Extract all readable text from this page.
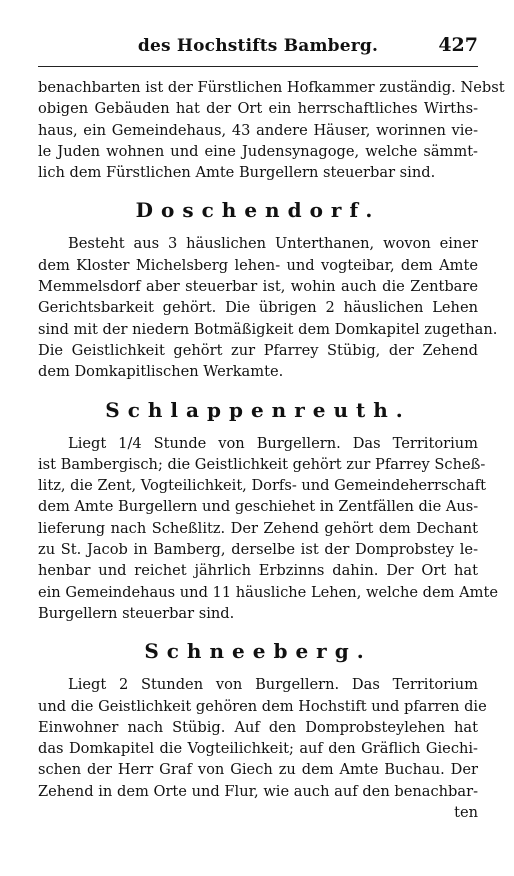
des Hochstifts Bamberg.	427

benachbarten ist der Fürstlichen Hofkammer zuständig. Nebst
obigen Gebäuden hat der Ort ein herrschaftliches Wirths-
haus, ein Gemeindehaus, 43 andere Häuser, worinnen vie-
le Juden wohnen und eine Judensynagoge, welche sämmt-
lich dem Fürstlichen Amte Burgellern steuerbar sind.

Doschendorf.

Besteht aus 3 häuslichen Unterthanen, wovon einer
dem Kloster Michelsberg lehen- und vogteibar, dem Amte
Memmelsdorf aber steuerbar ist, wohin auch die Zentbare
Gerichtsbarkeit gehört. Die übrigen 2 häuslichen Lehen
sind mit der niedern Botmäßigkeit dem Domkapitel zugethan.
Die Geistlichkeit gehört zur Pfarrey Stübig, der Zehend
dem Domkapitlischen Werkamte.

Schlappenreuth.

Liegt 1/4 Stunde von Burgellern. Das Territorium
ist Bambergisch; die Geistlichkeit gehört zur Pfarrey Scheß-
litz, die Zent, Vogteilichkeit, Dorfs- und Gemeindeherrschaft
dem Amte Burgellern und geschiehet in Zentfällen die Aus-
lieferung nach Scheßlitz. Der Zehend gehört dem Dechant
zu St. Jacob in Bamberg, derselbe ist der Domprobstey le-
henbar und reichet jährlich Erbzinns dahin. Der Ort hat
ein Gemeindehaus und 11 häusliche Lehen, welche dem Amte
Burgellern steuerbar sind.

Schneeberg.

Liegt 2 Stunden von Burgellern. Das Territorium
und die Geistlichkeit gehören dem Hochstift und pfarren die
Einwohner nach Stübig. Auf den Domprobsteylehen hat
das Domkapitel die Vogteilichkeit; auf den Gräflich Giechi-
schen der Herr Graf von Giech zu dem Amte Buchau. Der
Zehend in dem Orte und Flur, wie auch auf den benachbar-
ten
